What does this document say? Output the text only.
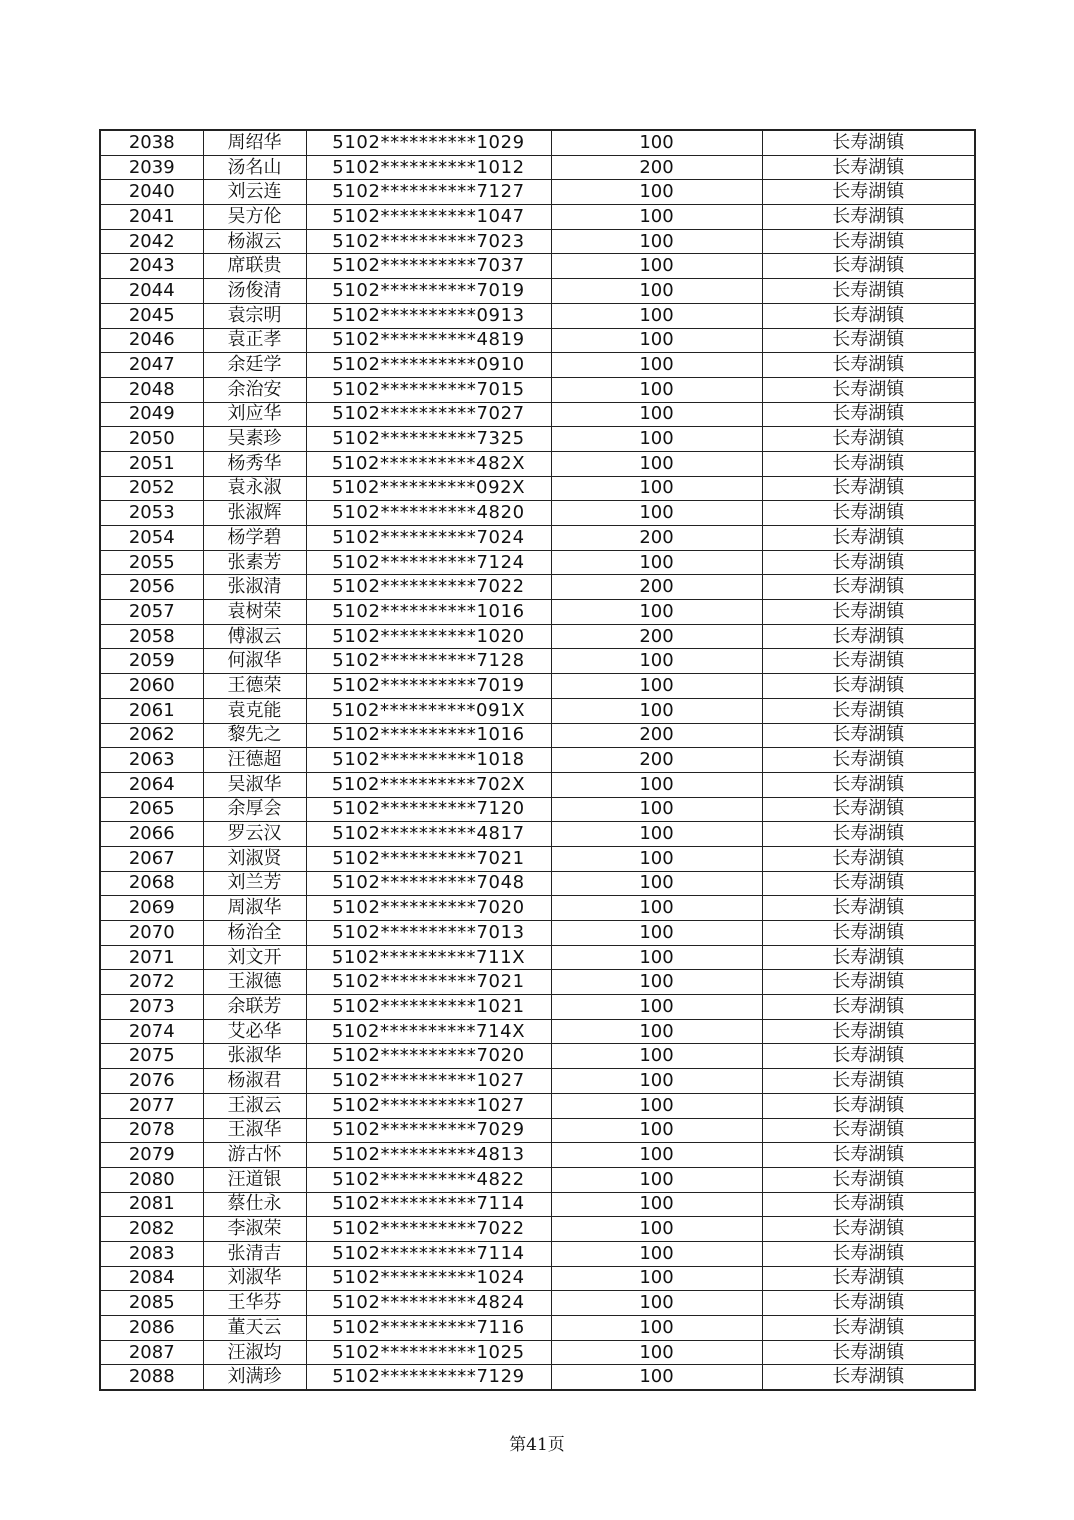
2038	周绍华	5102**********1029	100	长寿湖镇
2039	汤名山	5102**********1012	200	长寿湖镇
2040	刘云连	5102**********7127	100	长寿湖镇
2041	吴方伦	5102**********1047	100	长寿湖镇
2042	杨淑云	5102**********7023	100	长寿湖镇
2043	席联贵	5102**********7037	100	长寿湖镇
2044	汤俊清	5102**********7019	100	长寿湖镇
2045	袁宗明	5102**********0913	100	长寿湖镇
2046	袁正孝	5102**********4819	100	长寿湖镇
2047	余廷学	5102**********0910	100	长寿湖镇
2048	余治安	5102**********7015	100	长寿湖镇
2049	刘应华	5102**********7027	100	长寿湖镇
2050	吴素珍	5102**********7325	100	长寿湖镇
2051	杨秀华	5102**********482X	100	长寿湖镇
2052	袁永淑	5102**********092X	100	长寿湖镇
2053	张淑辉	5102**********4820	100	长寿湖镇
2054	杨学碧	5102**********7024	200	长寿湖镇
2055	张素芳	5102**********7124	100	长寿湖镇
2056	张淑清	5102**********7022	200	长寿湖镇
2057	袁树荣	5102**********1016	100	长寿湖镇
2058	傅淑云	5102**********1020	200	长寿湖镇
2059	何淑华	5102**********7128	100	长寿湖镇
2060	王德荣	5102**********7019	100	长寿湖镇
2061	袁克能	5102**********091X	100	长寿湖镇
2062	黎先之	5102**********1016	200	长寿湖镇
2063	汪德超	5102**********1018	200	长寿湖镇
2064	吴淑华	5102**********702X	100	长寿湖镇
2065	余厚会	5102**********7120	100	长寿湖镇
2066	罗云汉	5102**********4817	100	长寿湖镇
2067	刘淑贤	5102**********7021	100	长寿湖镇
2068	刘兰芳	5102**********7048	100	长寿湖镇
2069	周淑华	5102**********7020	100	长寿湖镇
2070	杨治全	5102**********7013	100	长寿湖镇
2071	刘文开	5102**********711X	100	长寿湖镇
2072	王淑德	5102**********7021	100	长寿湖镇
2073	余联芳	5102**********1021	100	长寿湖镇
2074	艾必华	5102**********714X	100	长寿湖镇
2075	张淑华	5102**********7020	100	长寿湖镇
2076	杨淑君	5102**********1027	100	长寿湖镇
2077	王淑云	5102**********1027	100	长寿湖镇
2078	王淑华	5102**********7029	100	长寿湖镇
2079	游古怀	5102**********4813	100	长寿湖镇
2080	汪道银	5102**********4822	100	长寿湖镇
2081	蔡仕永	5102**********7114	100	长寿湖镇
2082	李淑荣	5102**********7022	100	长寿湖镇
2083	张清吉	5102**********7114	100	长寿湖镇
2084	刘淑华	5102**********1024	100	长寿湖镇
2085	王华芬	5102**********4824	100	长寿湖镇
2086	董天云	5102**********7116	100	长寿湖镇
2087	汪淑均	5102**********1025	100	长寿湖镇
2088	刘满珍	5102**********7129	100	长寿湖镇
第41页
